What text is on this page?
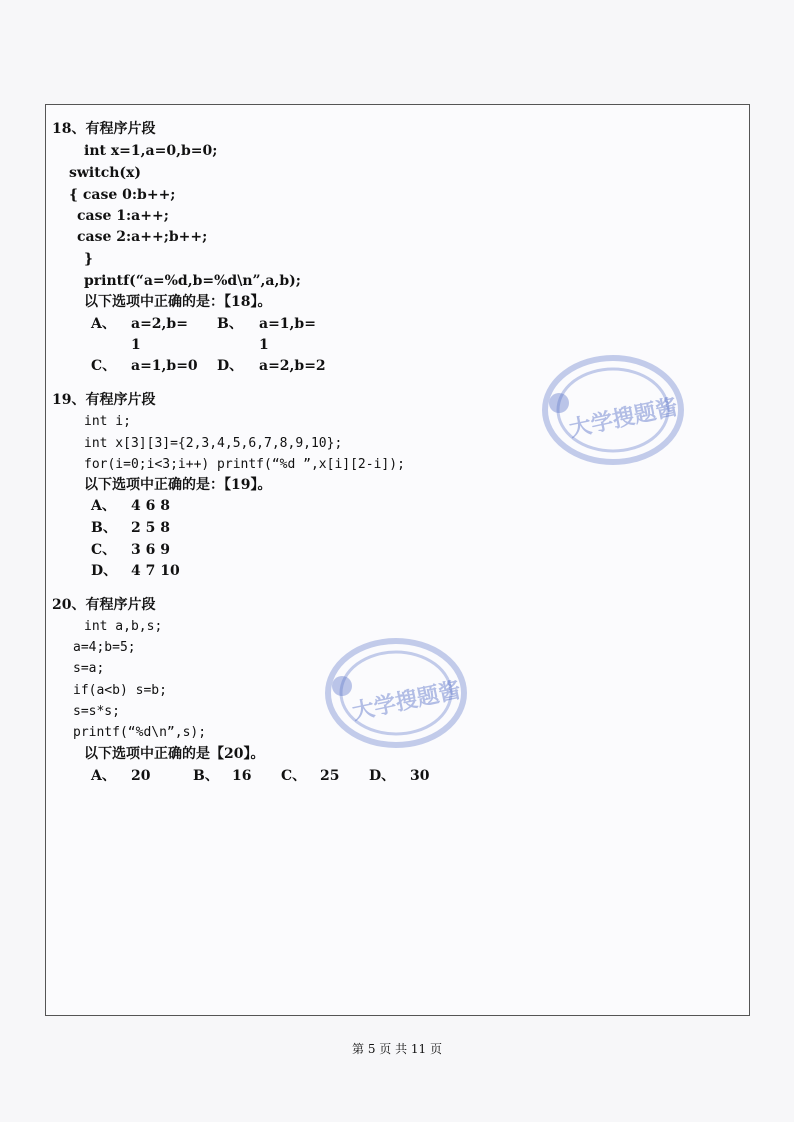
18、有程序片段
int x=1,a=0,b=0;
switch(x)
{ case 0:b++;
case 1:a++;
case 2:a++;b++;
}
printf(“a=%d,b=%d\n”,a,b);
以下选项中正确的是：【18】。
A、 a=2,b= B、 a=1,b=
1	1
C、 a=1,b=0 D、 a=2,b=2
19、有程序片段
int i;
int x[3][3]={2,3,4,5,6,7,8,9,10};
for(i=0;i<3;i++) printf(“%d ”,x[i][2-i]);
以下选项中正确的是：【19】。
A、 4 6 8
B、 2 5 8
C、 3 6 9
D、 4 7 10
20、有程序片段
int a,b,s;
a=4;b=5;
s=a;
if(a<b) s=b;
s=s*s;
printf(“%d\n”,s);
以下选项中正确的是【20】。
A、 20	B、 16 C、 25 D、 30
大学搜题酱
大学搜题酱
第 5 页 共 11 页
